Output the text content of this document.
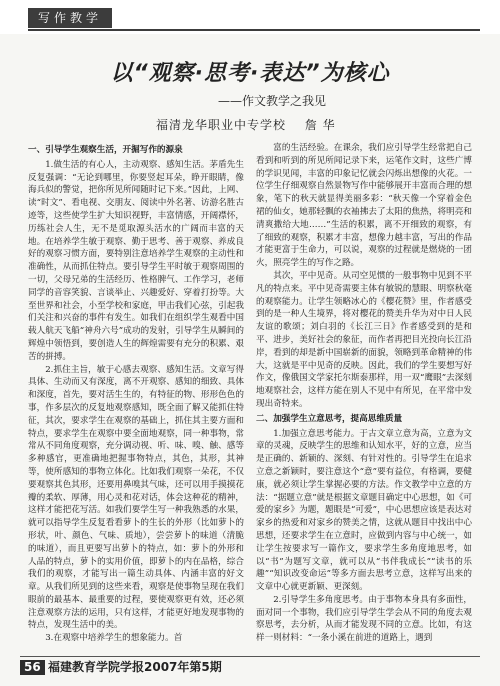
写作教学
以“观察·思考·表达”为核心
——作文教学之我见
福清龙华职业中专学校 詹 华

一、引导学生观察生活，开掘写作的源泉

1.做生活的有心人，主动观察、感知生活。茅盾先生反复强调：“无论到哪里，你要竖起耳朵，睁开眼睛，像海兵似的警觉，把你所见所闻随时记下来。”因此，上网、读“时文”、看电视、交朋友、阅读中外名著、访游名胜古迹等，这些使学生扩大知识视野，丰富情感，开阔襟怀，历练社会人生，无不是觅取源头活水的广阔而丰富的天地。在培养学生敏于观察、勤于思考、善于观察、养成良好的观察习惯方面，要特别注意培养学生观察的主动性和准确性，从而抓住特点。要引导学生平时敏于观察周围的一切，父母兄弟的生活经历、性格脾气、工作学习，老师同学的音容笑貌、言谈举止、兴趣爱好、穿着打扮等。大至世界和社会，小至学校和家庭，甲击我们心弦，引起我们关注和兴奋的事件有发生。如我们在组织学生观看中国载人航天飞船“神舟六号”成功的发射，引导学生从瞬间的辉煌中领悟到，要创造人生的辉煌需要有充分的积累、艰苦的拼搏。

2.抓住主旨，敏于心感去观察、感知生活。文章写得具体、生动而又有深度，离不开观察、感知的细致、具体和深度，首先，要对活生生的，有特征的物、形形色色的事，作多层次的反复地观察感知，既全面了解又能抓住特征，其次，要求学生在观察的基础上，抓住其主要方面和特点，要求学生在观察中要全面地观察，同一种事物，常常从不同角度观察，充分调动视、听、味、嗅、触、感等多种感官，更准确地把握事物特点，其色，其形，其神等，使所感知的事物立体化。比如我们观察一朵花，不仅要观察其色其形，还要用鼻嗅其气味，还可以用手摸摸花瓣的柔软、厚薄，用心灵和花对话，体会这种花的精神，这样才能把花写活。如我们要学生写一种我熟悉的水果，就可以指导学生反复看看萝卜的生长的外形（比如萝卜的形状，叶、颜色、气味、质地），尝尝萝卜的味道（清脆的味道），而且更要写出萝卜的特点，如：萝卜的外形和人品的特点，萝卜的实用价值，即萝卜的内在品格，综合我们的观察，才能写出一篇生动具体、内涵丰富的好文章。从我们所见到的这些来看，观察是使事物呈现在我们眼前的最基本、最重要的过程，要使观察更有效，还必须注意观察方法的运用，只有这样，才能更好地发现事物的特点，发现生活中的美。

3.在观察中培养学生的想象能力。首

富的生活经验。在课余，我们应引导学生经常把自己看到和听到的所见所闻记录下来，运笔作文时，这些广博的学识见闻，丰富的印象记忆就会闪烁出想像的火花。一位学生仔细观察自然景物写作中能够展开丰富而合理的想象，笔下的秋天就显得美丽多彩：“秋天像一个穿着金色裙的仙女，她那轻飘的衣袖拂去了太阳的焦热，将明亮和清爽撒给大地……”生活的积累，离不开细致的观察，有了细致的观察，积累才丰富，想像力越丰富，写出的作品才能更富于生命力，可以说，观察的过程就是燃烧的一团火，照亮学生的写作之路。

其次，平中见奇。从司空见惯的一般事物中见到不平凡的特点来。平中见奇需要主体有敏锐的慧眼、明察秋毫的观察能力。让学生领略冰心的《樱花赞》里，作者感受到的是一种人生境界，将对樱花的赞美升华为对中日人民友谊的歌颂；刘白羽的《长江三日》作者感受到的是和平、进步，美好社会的象征，而作者再把目光投向长江沿岸，看到的却是新中国崭新的面貌，领略到革命精神的伟大，这就是平中见奇的反映。因此，我们的学生要想写好作文，像俄国文学家托尔斯泰那样，用一双“鹰眼”去深刻地观察社会，这样方能在别人不见中有所见，在平常中发现出奇特来。

二、加强学生立意思考，提高思维质量

1.加强立意思考能力。于古文章立意为高，立意为文章的灵魂，反映学生的思维和认知水平，好的立意，应当是正确的、新颖的、深刻、有针对性的。引导学生在追求立意之新颖时，要注意这个“意”要有益位，有格调，要健康，就必须让学生掌握必要的方法。作文教学中立意的方法：“据题立意”就是根据文章题目确定中心思想，如《可爱的家乡》为题，题眼是“可爱”，中心思想应该是表达对家乡的热爱和对家乡的赞美之情，这就从题目中找出中心思想，还要求学生在立意时，应做到内容与中心统一，如让学生按要求写一篇作文，要求学生多角度地思考，如以“书”为题写文章，就可以从“书伴我成长”“读书的乐趣”“知识改变命运”等多方面去思考立意，这样写出来的文章中心就更新颖、更深刻。

2.引导学生多角度思考。由于事物本身具有多面性，面对同一个事物，我们应引导学生学会从不同的角度去观察思考，去分析，从而才能发现不同的立意。比如，有这样一则材料：“一条小溪在前进的道路上，遇到

56 福建教育学院学报2007年第5期
